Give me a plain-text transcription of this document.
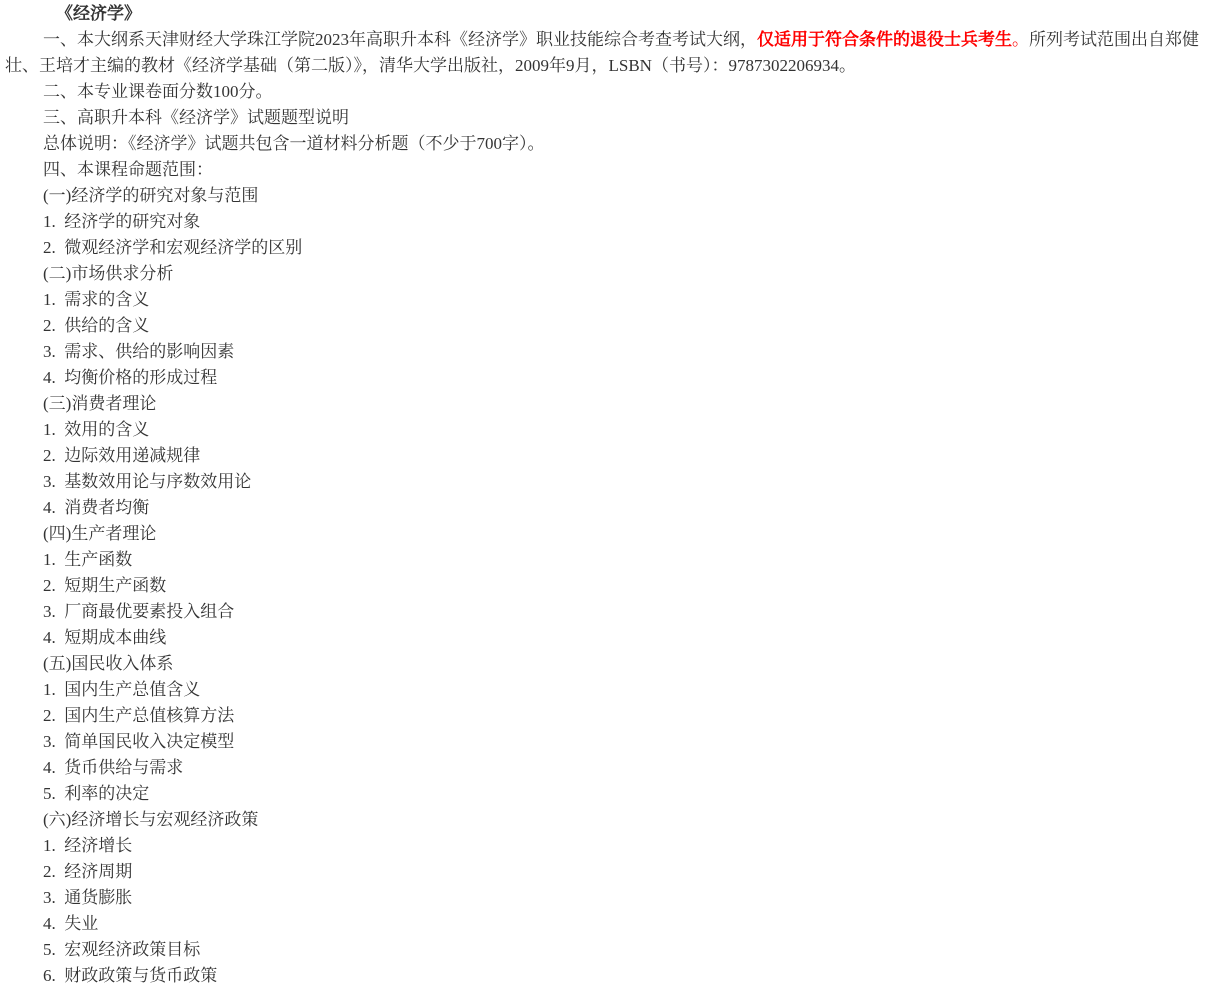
《经济学》

一、本大纲系天津财经大学珠江学院2023年高职升本科《经济学》职业技能综合考查考试大纲，仅适用于符合条件的退役士兵考生。所列考试范围出自郑健壮、王培才主编的教材《经济学基础（第二版）》，清华大学出版社，2009年9月，LSBN（书号）：9787302206934。

二、本专业课卷面分数100分。

三、高职升本科《经济学》试题题型说明

总体说明：《经济学》试题共包含一道材料分析题（不少于700字）。

四、本课程命题范围：

(一)经济学的研究对象与范围

1.  经济学的研究对象

2.  微观经济学和宏观经济学的区别

(二)市场供求分析

1.  需求的含义

2.  供给的含义

3.  需求、供给的影响因素

4.  均衡价格的形成过程

(三)消费者理论

1.  效用的含义

2.  边际效用递减规律

3.  基数效用论与序数效用论

4.  消费者均衡

(四)生产者理论

1.  生产函数

2.  短期生产函数

3.  厂商最优要素投入组合

4.  短期成本曲线

(五)国民收入体系

1.  国内生产总值含义

2.  国内生产总值核算方法

3.  简单国民收入决定模型

4.  货币供给与需求

5.  利率的决定

(六)经济增长与宏观经济政策

1.  经济增长

2.  经济周期

3.  通货膨胀

4.  失业

5.  宏观经济政策目标

6.  财政政策与货币政策
